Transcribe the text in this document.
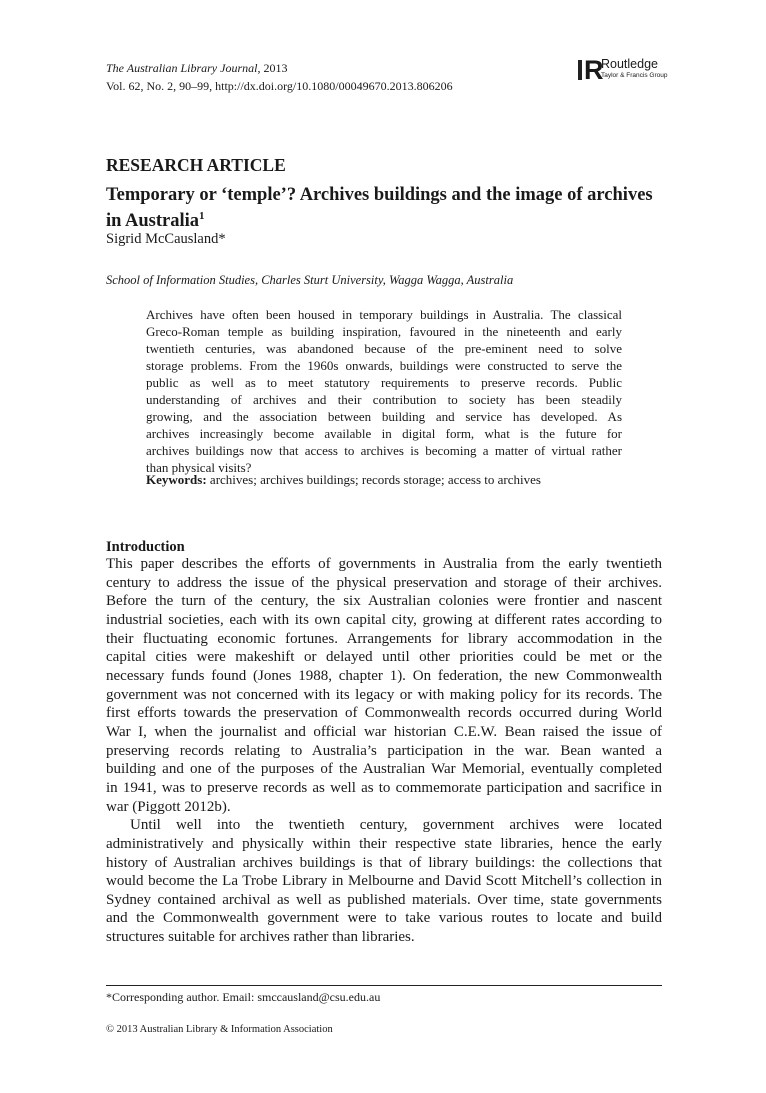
The Australian Library Journal, 2013
Vol. 62, No. 2, 90–99, http://dx.doi.org/10.1080/00049670.2013.806206
R
Routledge
Taylor & Francis Group
RESEARCH ARTICLE
Temporary or ‘temple’? Archives buildings and the image of archives in Australia$^1$
Sigrid McCausland*
School of Information Studies, Charles Sturt University, Wagga Wagga, Australia
Archives have often been housed in temporary buildings in Australia. The classical
Greco-Roman temple as building inspiration, favoured in the nineteenth and early
twentieth centuries, was abandoned because of the pre-eminent need to solve
storage problems. From the 1960s onwards, buildings were constructed to serve the
public as well as to meet statutory requirements to preserve records. Public
understanding of archives and their contribution to society has been steadily
growing, and the association between building and service has developed. As
archives increasingly become available in digital form, what is the future for
archives buildings now that access to archives is becoming a matter of virtual rather
than physical visits?
Keywords: archives; archives buildings; records storage; access to archives
Introduction
This paper describes the efforts of governments in Australia from the early twentieth
century to address the issue of the physical preservation and storage of their archives.
Before the turn of the century, the six Australian colonies were frontier and nascent
industrial societies, each with its own capital city, growing at different rates according to
their fluctuating economic fortunes. Arrangements for library accommodation in the
capital cities were makeshift or delayed until other priorities could be met or the
necessary funds found (Jones 1988, chapter 1). On federation, the new Commonwealth
government was not concerned with its legacy or with making policy for its records. The
first efforts towards the preservation of Commonwealth records occurred during World
War I, when the journalist and official war historian C.E.W. Bean raised the issue of
preserving records relating to Australia’s participation in the war. Bean wanted a
building and one of the purposes of the Australian War Memorial, eventually completed
in 1941, was to preserve records as well as to commemorate participation and sacrifice in
war (Piggott 2012b).
Until well into the twentieth century, government archives were located
administratively and physically within their respective state libraries, hence the early
history of Australian archives buildings is that of library buildings: the collections that
would become the La Trobe Library in Melbourne and David Scott Mitchell’s collection in
Sydney contained archival as well as published materials. Over time, state governments
and the Commonwealth government were to take various routes to locate and build
structures suitable for archives rather than libraries.
*Corresponding author. Email: smccausland@csu.edu.au
© 2013 Australian Library & Information Association
